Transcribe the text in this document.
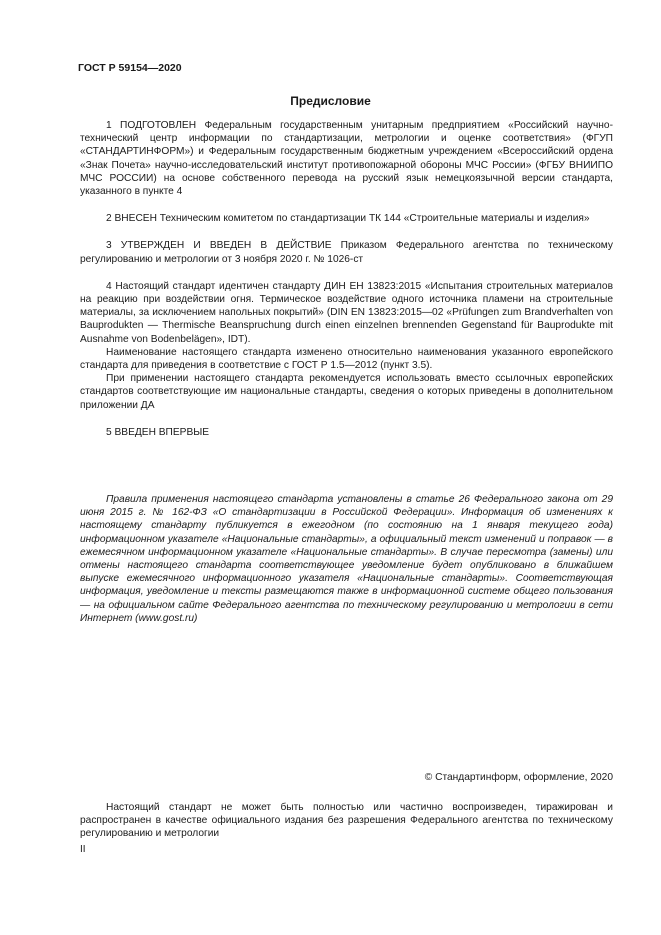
ГОСТ Р 59154—2020
Предисловие

1 ПОДГОТОВЛЕН Федеральным государственным унитарным предприятием «Российский научно-технический центр информации по стандартизации, метрологии и оценке соответствия» (ФГУП «СТАНДАРТИНФОРМ») и Федеральным государственным бюджетным учреждением «Всероссийский ордена «Знак Почета» научно-исследовательский институт противопожарной обороны МЧС России» (ФГБУ ВНИИПО МЧС РОССИИ) на основе собственного перевода на русский язык немецкоязычной версии стандарта, указанного в пункте 4

2 ВНЕСЕН Техническим комитетом по стандартизации ТК 144 «Строительные материалы и изделия»

3 УТВЕРЖДЕН И ВВЕДЕН В ДЕЙСТВИЕ Приказом Федерального агентства по техническому регулированию и метрологии от 3 ноября 2020 г. № 1026-ст

4 Настоящий стандарт идентичен стандарту ДИН ЕН 13823:2015 «Испытания строительных материалов на реакцию при воздействии огня. Термическое воздействие одного источника пламени на строительные материалы, за исключением напольных покрытий» (DIN EN 13823:2015—02 «Prüfungen zum Brandverhalten von Bauprodukten — Thermische Beanspruchung durch einen einzelnen brennenden Gegenstand für Bauprodukte mit Ausnahme von Bodenbelägen», IDT).

Наименование настоящего стандарта изменено относительно наименования указанного европейского стандарта для приведения в соответствие с ГОСТ Р 1.5—2012 (пункт 3.5).

При применении настоящего стандарта рекомендуется использовать вместо ссылочных европейских стандартов соответствующие им национальные стандарты, сведения о которых приведены в дополнительном приложении ДА

5 ВВЕДЕН ВПЕРВЫЕ

Правила применения настоящего стандарта установлены в статье 26 Федерального закона от 29 июня 2015 г. № 162-ФЗ «О стандартизации в Российской Федерации». Информация об изменениях к настоящему стандарту публикуется в ежегодном (по состоянию на 1 января текущего года) информационном указателе «Национальные стандарты», а официальный текст изменений и поправок — в ежемесячном информационном указателе «Национальные стандарты». В случае пересмотра (замены) или отмены настоящего стандарта соответствующее уведомление будет опубликовано в ближайшем выпуске ежемесячного информационного указателя «Национальные стандарты». Соответствующая информация, уведомление и тексты размещаются также в информационной системе общего пользования — на официальном сайте Федерального агентства по техническому регулированию и метрологии в сети Интернет (www.gost.ru)

© Стандартинформ, оформление, 2020

Настоящий стандарт не может быть полностью или частично воспроизведен, тиражирован и распространен в качестве официального издания без разрешения Федерального агентства по техническому регулированию и метрологии

II
